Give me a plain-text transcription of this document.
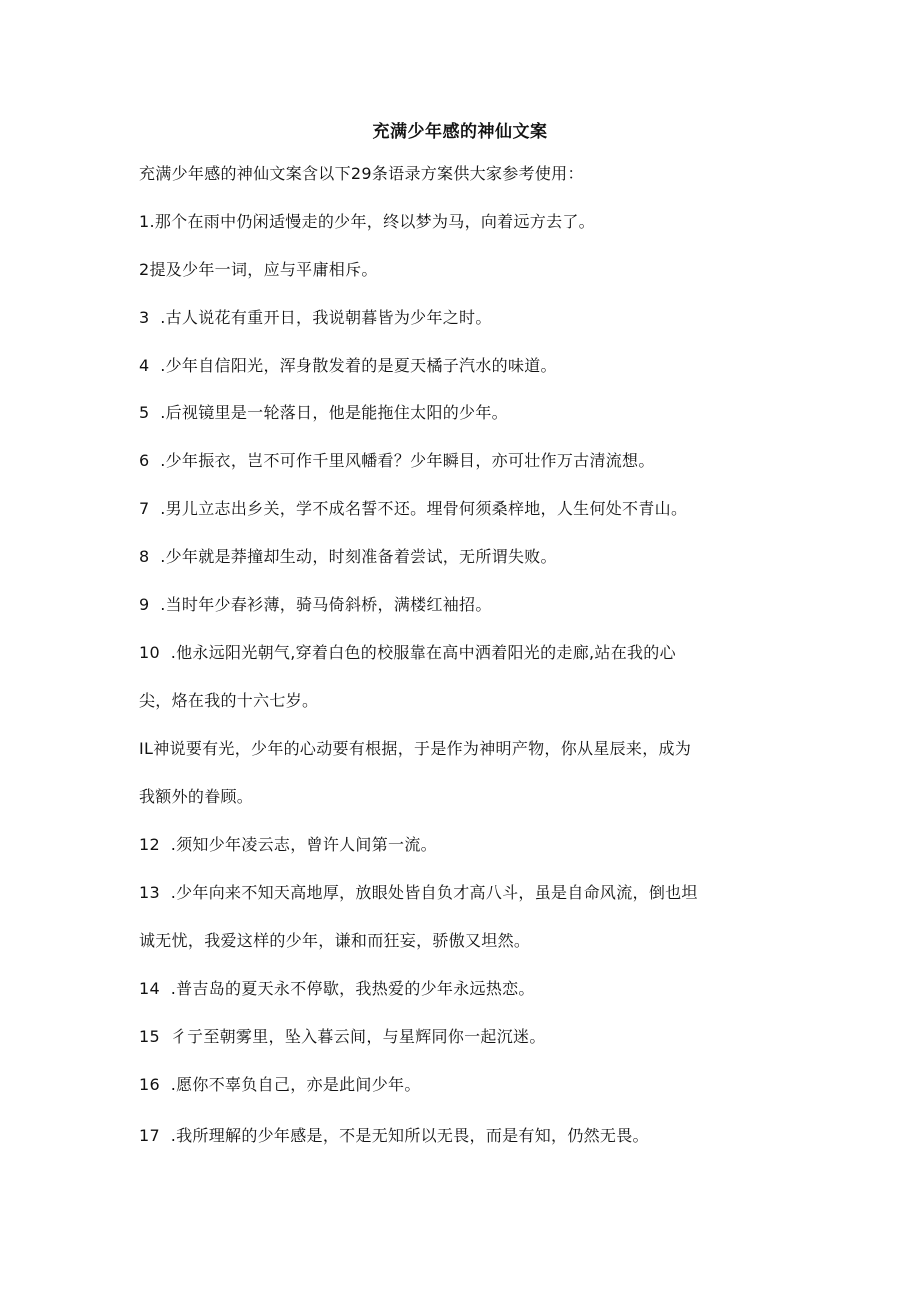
充满少年感的神仙文案
充满少年感的神仙文案含以下29条语录方案供大家参考使用：
1.那个在雨中仍闲适慢走的少年，终以梦为马，向着远方去了。
2提及少年一词，应与平庸相斥。
3  .古人说花有重开日，我说朝暮皆为少年之时。
4  .少年自信阳光，浑身散发着的是夏天橘子汽水的味道。
5  .后视镜里是一轮落日，他是能拖住太阳的少年。
6  .少年振衣，岂不可作千里风幡看？少年瞬目，亦可壮作万古清流想。
7  .男儿立志出乡关，学不成名誓不还。埋骨何须桑梓地，人生何处不青山。
8  .少年就是莽撞却生动，时刻准备着尝试，无所谓失败。
9  .当时年少春衫薄，骑马倚斜桥，满楼红袖招。
10  .他永远阳光朝气,穿着白色的校服靠在高中洒着阳光的走廊,站在我的心
尖，烙在我的十六七岁。
IL神说要有光，少年的心动要有根据，于是作为神明产物，你从星辰来，成为
我额外的眷顾。
12  .须知少年凌云志，曾许人间第一流。
13  .少年向来不知天高地厚，放眼处皆自负才高八斗，虽是自命风流，倒也坦
诚无忧，我爱这样的少年，谦和而狂妄，骄傲又坦然。
14  .普吉岛的夏天永不停歇，我热爱的少年永远热恋。
15  彳亍至朝雾里，坠入暮云间，与星辉同你一起沉迷。
16  .愿你不辜负自己，亦是此间少年。
17  .我所理解的少年感是，不是无知所以无畏，而是有知，仍然无畏。
